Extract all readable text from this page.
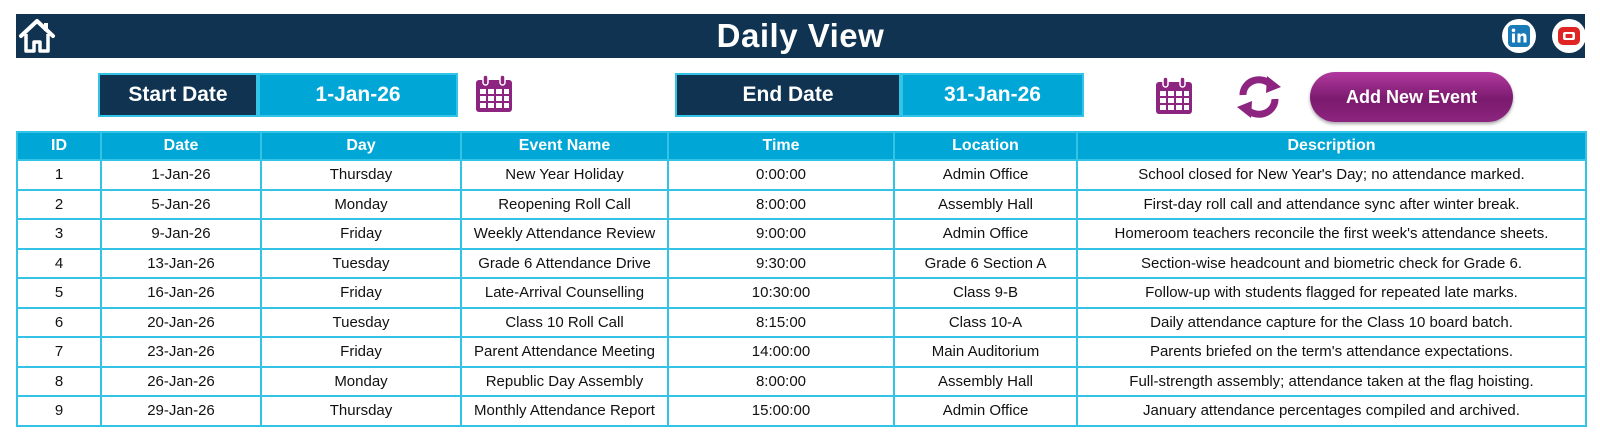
Daily View
Start Date	1-Jan-26	End Date	31-Jan-26	Add New Event
ID	Date	Day	Event Name	Time	Location	Description
1	1-Jan-26	Thursday	New Year Holiday	0:00:00	Admin Office	School closed for New Year's Day; no attendance marked.
2	5-Jan-26	Monday	Reopening Roll Call	8:00:00	Assembly Hall	First-day roll call and attendance sync after winter break.
3	9-Jan-26	Friday	Weekly Attendance Review	9:00:00	Admin Office	Homeroom teachers reconcile the first week's attendance sheets.
4	13-Jan-26	Tuesday	Grade 6 Attendance Drive	9:30:00	Grade 6 Section A	Section-wise headcount and biometric check for Grade 6.
5	16-Jan-26	Friday	Late-Arrival Counselling	10:30:00	Class 9-B	Follow-up with students flagged for repeated late marks.
6	20-Jan-26	Tuesday	Class 10 Roll Call	8:15:00	Class 10-A	Daily attendance capture for the Class 10 board batch.
7	23-Jan-26	Friday	Parent Attendance Meeting	14:00:00	Main Auditorium	Parents briefed on the term's attendance expectations.
8	26-Jan-26	Monday	Republic Day Assembly	8:00:00	Assembly Hall	Full-strength assembly; attendance taken at the flag hoisting.
9	29-Jan-26	Thursday	Monthly Attendance Report	15:00:00	Admin Office	January attendance percentages compiled and archived.
